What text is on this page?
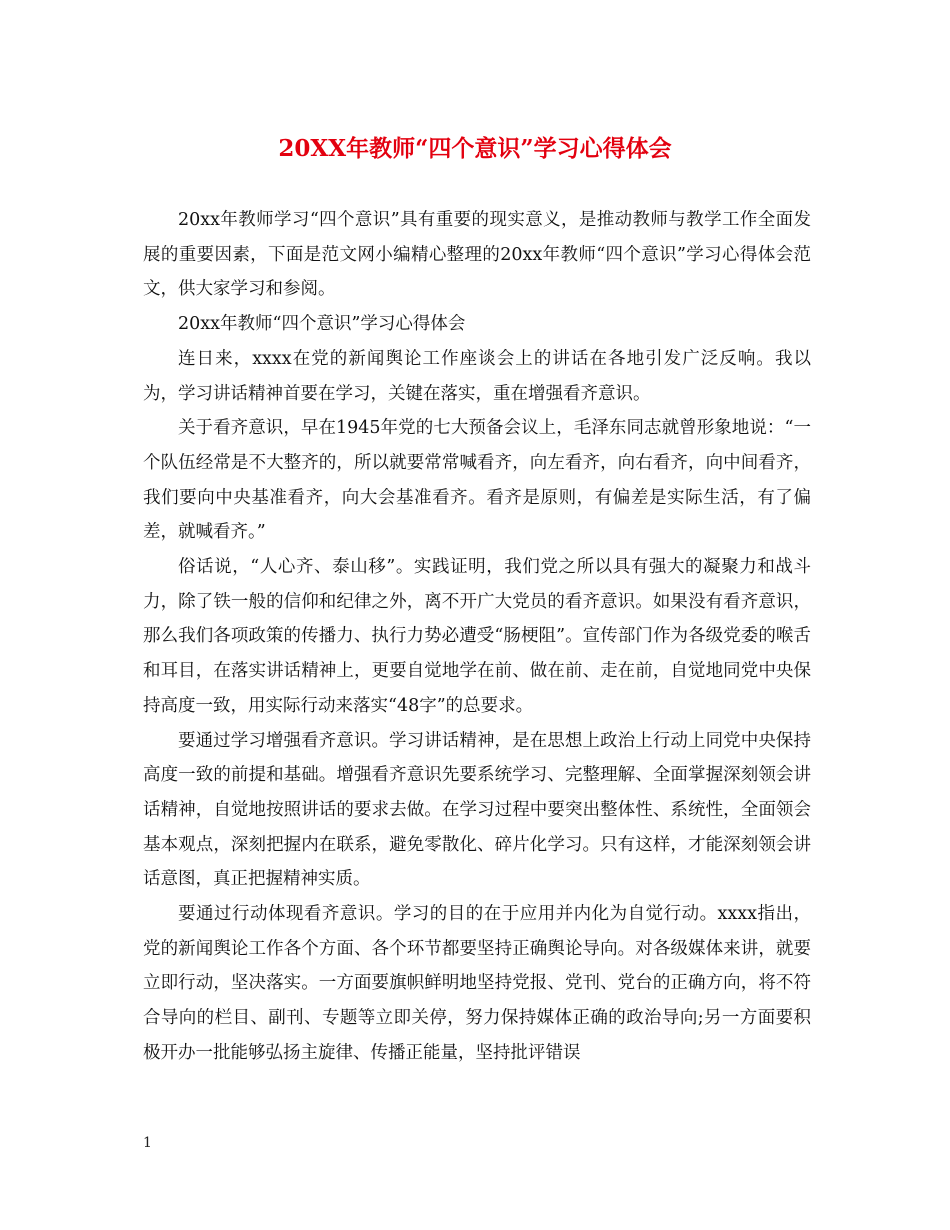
20XX年教师“四个意识”学习心得体会

20xx年教师学习“四个意识”具有重要的现实意义，是推动教师与教学工作全面发展的重要因素，下面是范文网小编精心整理的20xx年教师“四个意识”学习心得体会范文，供大家学习和参阅。

20xx年教师“四个意识”学习心得体会

连日来，xxxx在党的新闻舆论工作座谈会上的讲话在各地引发广泛反响。我以为，学习讲话精神首要在学习，关键在落实，重在增强看齐意识。

关于看齐意识，早在1945年党的七大预备会议上，毛泽东同志就曾形象地说：“一个队伍经常是不大整齐的，所以就要常常喊看齐，向左看齐，向右看齐，向中间看齐，我们要向中央基准看齐，向大会基准看齐。看齐是原则，有偏差是实际生活，有了偏差，就喊看齐。”

俗话说，“人心齐、泰山移”。实践证明，我们党之所以具有强大的凝聚力和战斗力，除了铁一般的信仰和纪律之外，离不开广大党员的看齐意识。如果没有看齐意识，那么我们各项政策的传播力、执行力势必遭受“肠梗阻”。宣传部门作为各级党委的喉舌和耳目，在落实讲话精神上，更要自觉地学在前、做在前、走在前，自觉地同党中央保持高度一致，用实际行动来落实“48字”的总要求。

要通过学习增强看齐意识。学习讲话精神，是在思想上政治上行动上同党中央保持高度一致的前提和基础。增强看齐意识先要系统学习、完整理解、全面掌握深刻领会讲话精神，自觉地按照讲话的要求去做。在学习过程中要突出整体性、系统性，全面领会基本观点，深刻把握内在联系，避免零散化、碎片化学习。只有这样，才能深刻领会讲话意图，真正把握精神实质。

要通过行动体现看齐意识。学习的目的在于应用并内化为自觉行动。xxxx指出，党的新闻舆论工作各个方面、各个环节都要坚持正确舆论导向。对各级媒体来讲，就要立即行动，坚决落实。一方面要旗帜鲜明地坚持党报、党刊、党台的正确方向，将不符合导向的栏目、副刊、专题等立即关停，努力保持媒体正确的政治导向;另一方面要积极开办一批能够弘扬主旋律、传播正能量，坚持批评错误

1
